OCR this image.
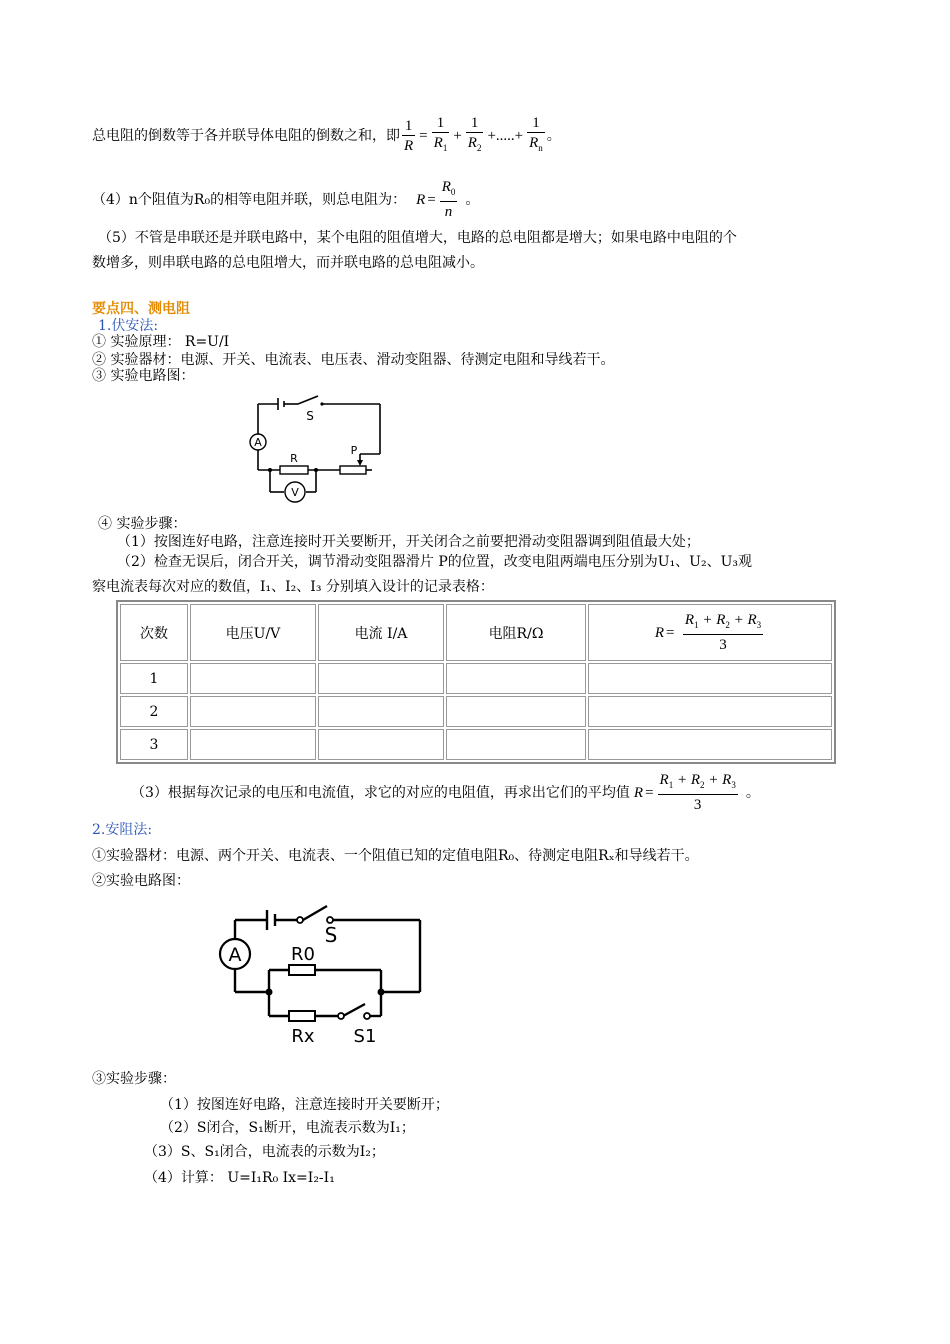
总电阻的倒数等于各并联导体电阻的倒数之和，即 $\frac{1}{R} = \frac{1}{R_1} + \frac{1}{R_2}$ +.....+ $\frac{1}{R_n}$ 。
（4）n个阻值为R₀的相等电阻并联，则总电阻为： $R = \frac{R_0}{n}$ 。
（5）不管是串联还是并联电路中，某个电阻的阻值增大，电路的总电阻都是增大；如果电路中电阻的个
数增多，则串联电路的总电阻增大，而并联电路的总电阻减小。
要点四、测电阻
1.伏安法:
① 实验原理： R=U/I
② 实验器材：电源、开关、电流表、电压表、滑动变阻器、待测定电阻和导线若干。
③ 实验电路图：
A
V
S
R
P
④ 实验步骤：
（1）按图连好电路，注意连接时开关要断开，开关闭合之前要把滑动变阻器调到阻值最大处；
（2）检查无误后，闭合开关，调节滑动变阻器滑片 P的位置，改变电阻两端电压分别为U₁、U₂、U₃观
察电流表每次对应的数值，I₁、I₂、I₃ 分别填入设计的记录表格：
次数	电压U/V	电流 I/A	电阻R/Ω	$R = \frac{R_1 + R_2 + R_3}{3}$

1				
2				
3				
（3）根据每次记录的电压和电流值，求它的对应的电阻值，再求出它们的平均值 $R = \frac{R_1 + R_2 + R_3}{3}$ 。
2.安阻法:
①实验器材：电源、两个开关、电流表、一个阻值已知的定值电阻R₀、待测定电阻Rₓ和导线若干。
②实验电路图：
A
S
R0
Rx S1
③实验步骤：
（1）按图连好电路，注意连接时开关要断开；
（2）S闭合，S₁断开，电流表示数为I₁；
（3）S、S₁闭合，电流表的示数为I₂；
（4）计算： U=I₁R₀ Ix=I₂-I₁
